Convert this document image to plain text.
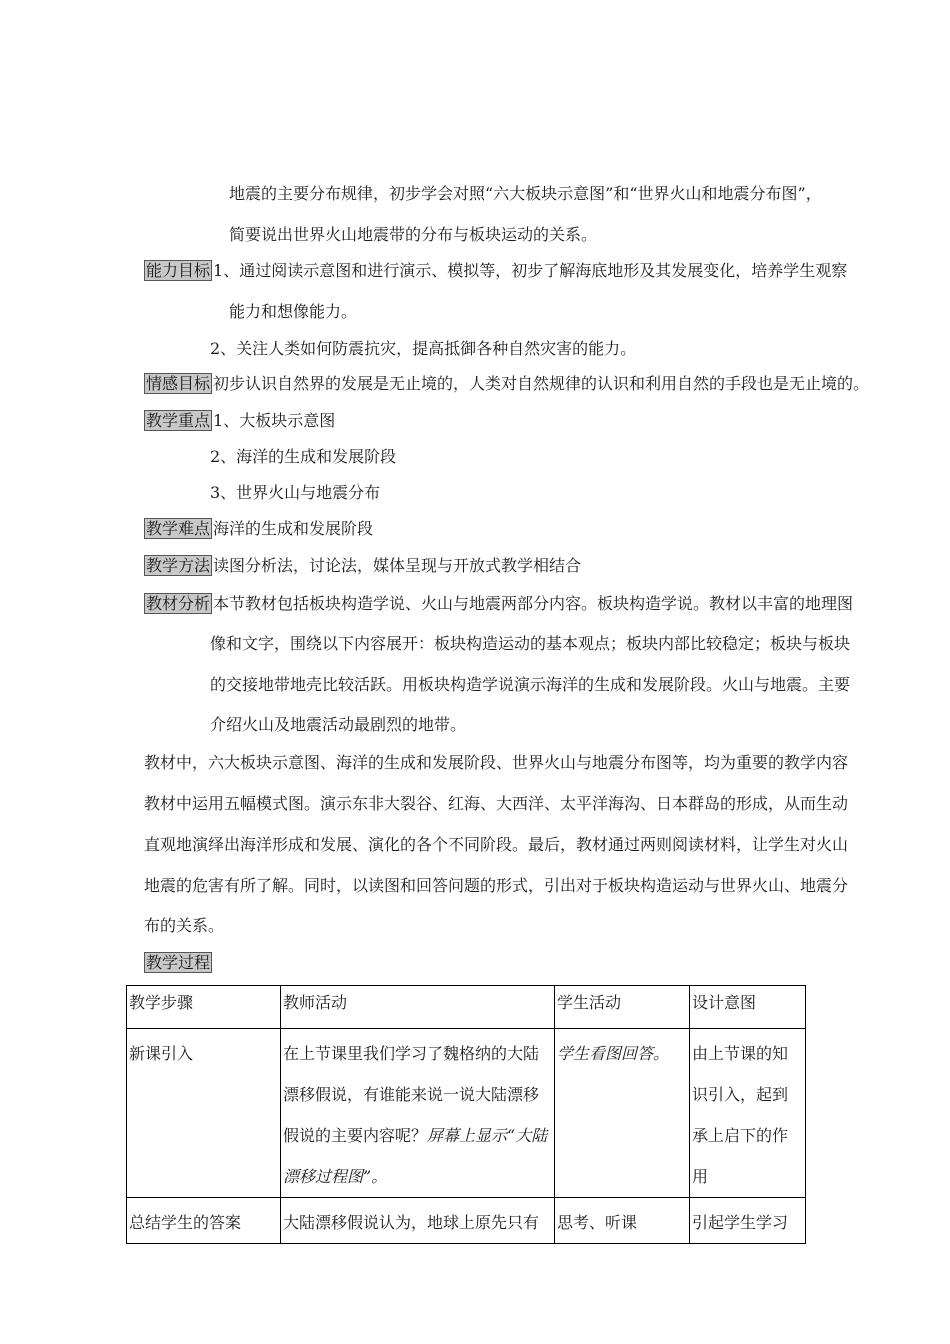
地震的主要分布规律，初步学会对照“六大板块示意图”和“世界火山和地震分布图”，
简要说出世界火山地震带的分布与板块运动的关系。
能力目标 1、通过阅读示意图和进行演示、模拟等，初步了解海底地形及其发展变化，培养学生观察
能力和想像能力。
2、关注人类如何防震抗灾，提高抵御各种自然灾害的能力。
情感目标 初步认识自然界的发展是无止境的，人类对自然规律的认识和利用自然的手段也是无止境的。
教学重点 1、大板块示意图
2、海洋的生成和发展阶段
3、世界火山与地震分布
教学难点 海洋的生成和发展阶段
教学方法 读图分析法，讨论法，媒体呈现与开放式教学相结合
教材分析 本节教材包括板块构造学说、火山与地震两部分内容。板块构造学说。教材以丰富的地理图
像和文字，围绕以下内容展开：板块构造运动的基本观点；板块内部比较稳定；板块与板块
的交接地带地壳比较活跃。用板块构造学说演示海洋的生成和发展阶段。火山与地震。主要
介绍火山及地震活动最剧烈的地带。
教材中，六大板块示意图、海洋的生成和发展阶段、世界火山与地震分布图等，均为重要的教学内容
教材中运用五幅模式图。演示东非大裂谷、红海、大西洋、太平洋海沟、日本群岛的形成，从而生动
直观地演绎出海洋形成和发展、演化的各个不同阶段。最后，教材通过两则阅读材料，让学生对火山
地震的危害有所了解。同时，以读图和回答问题的形式，引出对于板块构造运动与世界火山、地震分
布的关系。
教学过程
教学步骤	教师活动	学生活动	设计意图
新课引入	在上节课里我们学习了魏格纳的大陆漂移假说，有谁能来说一说大陆漂移假说的主要内容呢？屏幕上显示“大陆漂移过程图”。	学生看图回答。	由上节课的知识引入，起到承上启下的作用
总结学生的答案	大陆漂移假说认为，地球上原先只有	思考、听课	引起学生学习
